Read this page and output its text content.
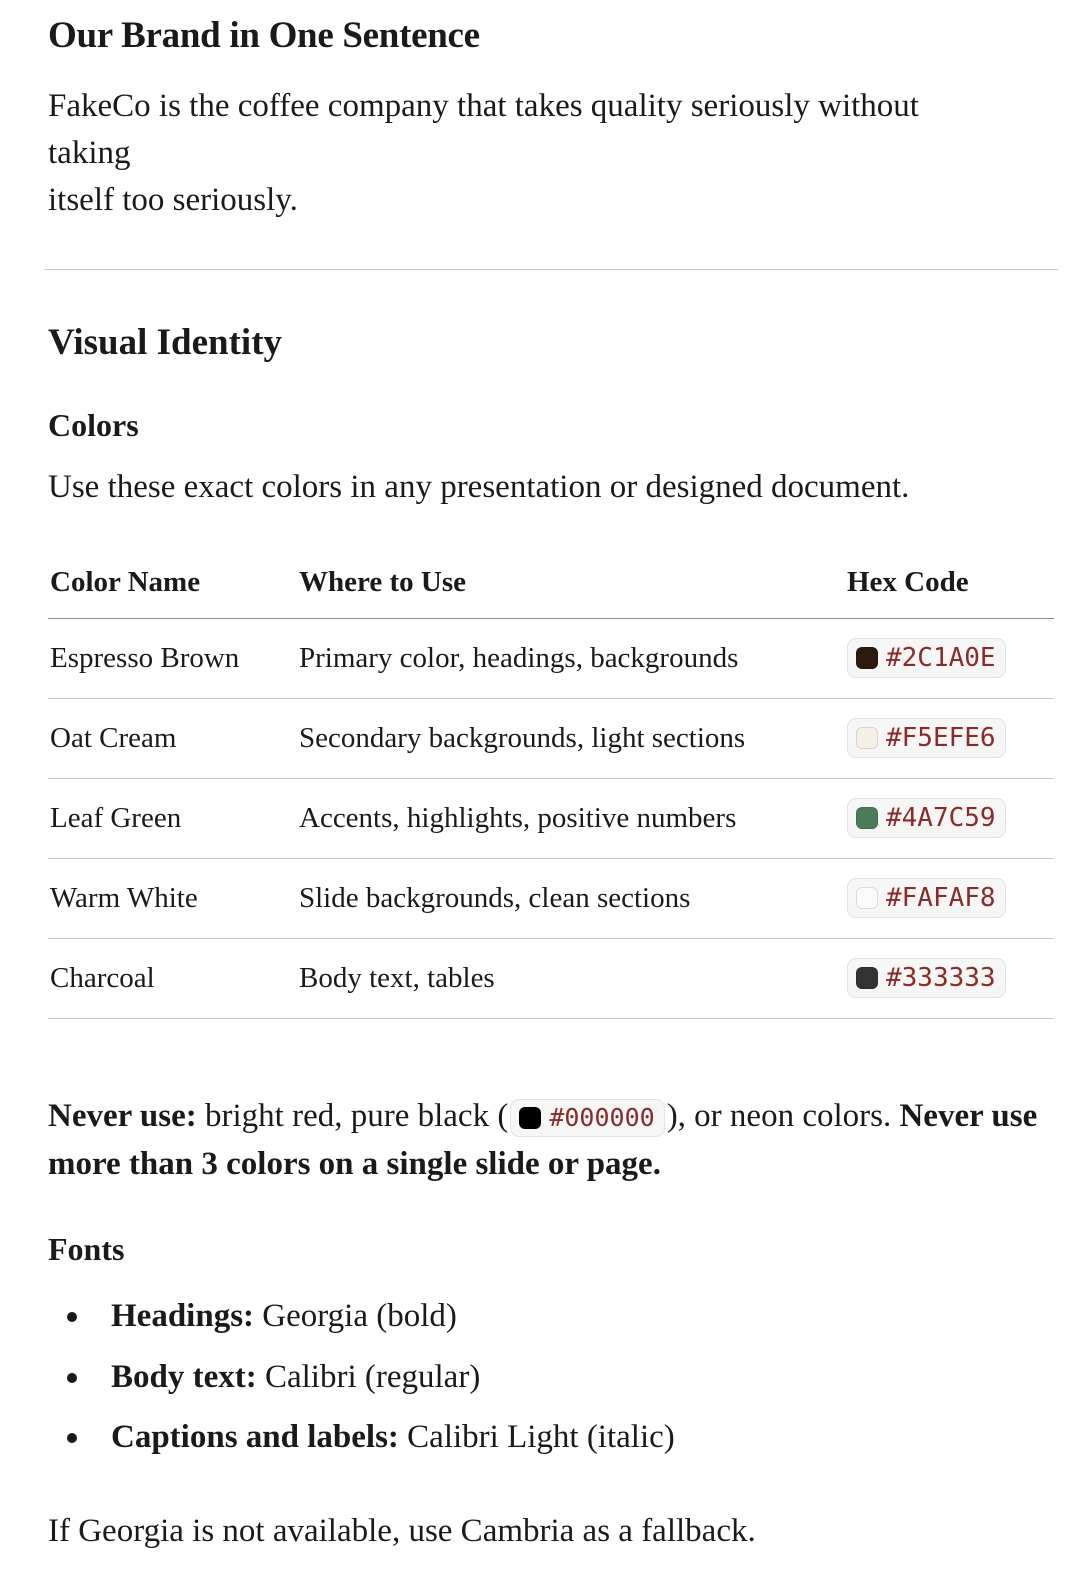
Our Brand in One Sentence

FakeCo is the coffee company that takes quality seriously without
taking
itself too seriously.

Visual Identity
Colors

Use these exact colors in any presentation or designed document.

Color Name	Where to Use	Hex Code
Espresso Brown	Primary color, headings, backgrounds	#2C1A0E

Oat Cream	Secondary backgrounds, light sections	#F5EFE6

Leaf Green	Accents, highlights, positive numbers	#4A7C59

Warm White	Slide backgrounds, clean sections	#FAFAF8

Charcoal	Body text, tables	#333333

Never use: bright red, pure black ( #000000 ), or neon colors. Never use more than 3 colors on a single slide or page.

Fonts
Headings: Georgia (bold)
Body text: Calibri (regular)
Captions and labels: Calibri Light (italic)

If Georgia is not available, use Cambria as a fallback.
